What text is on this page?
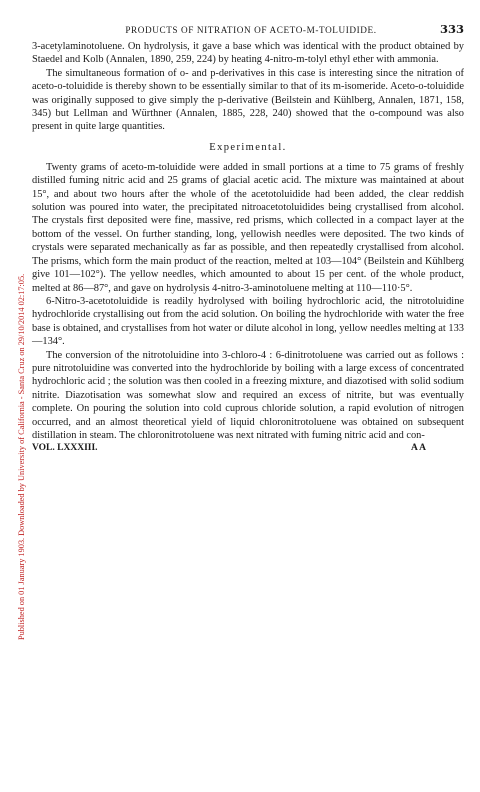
Published on 01 January 1903. Downloaded by University of California - Santa Cruz on 29/10/2014 02:17:05.
PRODUCTS OF NITRATION OF ACETO-M-TOLUIDIDE.	333

3-acetylaminotoluene. On hydrolysis, it gave a base which was identical with the product obtained by Staedel and Kolb (Annalen, 1890, 259, 224) by heating 4-nitro-m-tolyl ethyl ether with ammonia.

The simultaneous formation of o- and p-derivatives in this case is interesting since the nitration of aceto-o-toluidide is thereby shown to be essentially similar to that of its m-isomeride. Aceto-o-toluidide was originally supposed to give simply the p-derivative (Beilstein and Kühlberg, Annalen, 1871, 158, 345) but Lellman and Würthner (Annalen, 1885, 228, 240) showed that the o-compound was also present in quite large quantities.

Experimental.

Twenty grams of aceto-m-toluidide were added in small portions at a time to 75 grams of freshly distilled fuming nitric acid and 25 grams of glacial acetic acid. The mixture was maintained at about 15°, and about two hours after the whole of the acetotoluidide had been added, the clear reddish solution was poured into water, the precipitated nitroacetotoluidides being crystallised from alcohol. The crystals first deposited were fine, massive, red prisms, which collected in a compact layer at the bottom of the vessel. On further standing, long, yellowish needles were deposited. The two kinds of crystals were separated mechanically as far as possible, and then repeatedly crystallised from alcohol. The prisms, which form the main product of the reaction, melted at 103—104° (Beilstein and Kühlberg give 101—102°). The yellow needles, which amounted to about 15 per cent. of the whole product, melted at 86—87°, and gave on hydrolysis 4-nitro-3-aminotoluene melting at 110—110·5°.

6-Nitro-3-acetotoluidide is readily hydrolysed with boiling hydrochloric acid, the nitrotoluidine hydrochloride crystallising out from the acid solution. On boiling the hydrochloride with water the free base is obtained, and crystallises from hot water or dilute alcohol in long, yellow needles melting at 133—134°.

The conversion of the nitrotoluidine into 3-chloro-4 : 6-dinitrotoluene was carried out as follows : pure nitrotoluidine was converted into the hydrochloride by boiling with a large excess of concentrated hydrochloric acid ; the solution was then cooled in a freezing mixture, and diazotised with solid sodium nitrite. Diazotisation was somewhat slow and required an excess of nitrite, but was eventually complete. On pouring the solution into cold cuprous chloride solution, a rapid evolution of nitrogen occurred, and an almost theoretical yield of liquid chloronitrotoluene was obtained on subsequent distillation in steam. The chloronitrotoluene was next nitrated with fuming nitric acid and con-

VOL. LXXXIII.	A A
